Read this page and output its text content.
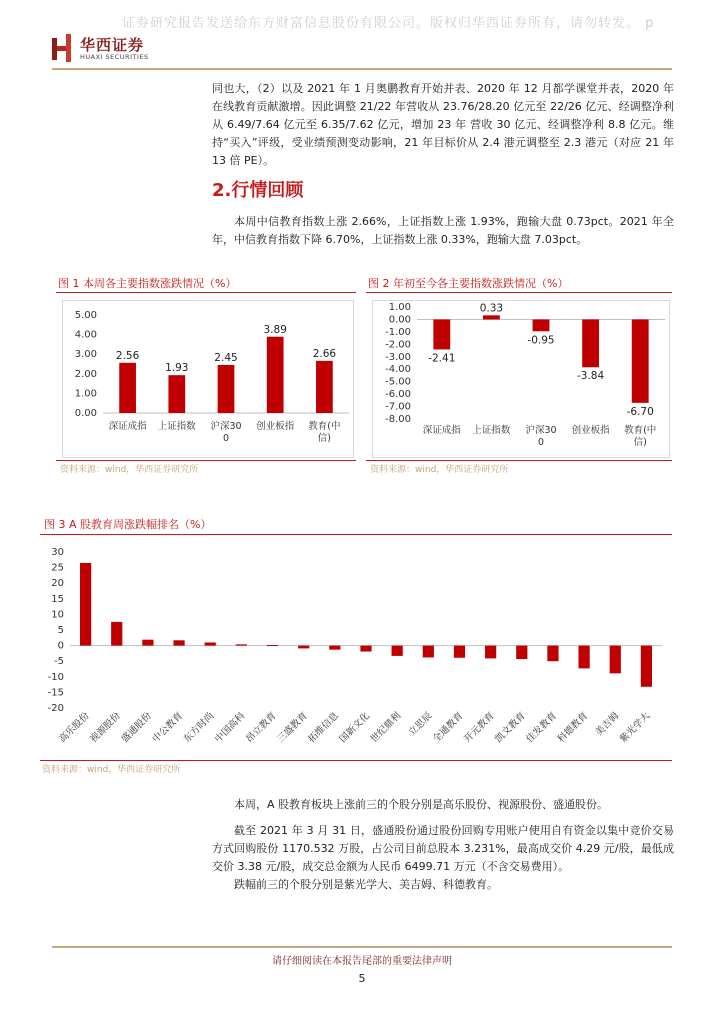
证券研究报告发送给东方财富信息股份有限公司。版权归华西证券所有，请勿转发。 p
华西证券
HUAXI SECURITIES
同也大，（2）以及 2021 年 1 月奥鹏教育开始并表、2020 年 12 月都学课堂并表，2020 年在线教育贡献激增。因此调整 21/22 年营收从 23.76/28.20 亿元至 22/26 亿元、经调整净利从 6.49/7.64 亿元至 6.35/7.62 亿元，增加 23 年 营收 30 亿元、经调整净利 8.8 亿元。维持“买入”评级，受业绩预测变动影响，21 年目标价从 2.4 港元调整至 2.3 港元（对应 21 年 13 倍 PE）。
2.行情回顾
本周中信教育指数上涨 2.66%，上证指数上涨 1.93%，跑输大盘 0.73pct。2021 年全年，中信教育指数下降 6.70%，上证指数上涨 0.33%，跑输大盘 7.03pct。
图 1 本周各主要指数涨跌情况（%）
5.00
4.00
3.00
2.00
1.00
0.00
2.56
深证成指
1.93
上证指数
2.45
沪深30
0
3.89
创业板指
2.66
教育(中
信)
资料来源：wind，华西证券研究所
图 2 年初至今各主要指数涨跌情况（%）
1.00
0.00
-1.00
-2.00
-3.00
-4.00
-5.00
-6.00
-7.00
-8.00
-2.41
深证成指
0.33
上证指数
-0.95
沪深30
0
-3.84
创业板指
-6.70
教育(中
信)
资料来源：wind，华西证券研究所
图 3 A 股教育周涨跌幅排名（%）
30
25
20
15
10
5
0
-5
-10
-15
-20
高乐股份
视源股份
盛通股份
中公教育
东方时尚
中国高科
昂立教育
三盛教育
拓维信息
国新文化
世纪鼎利 立思辰
全通教育
开元教育
凯文教育
佳发教育
科德教育 美吉姆
紫光学大
资料来源：wind，华西证券研究所
本周，A 股教育板块上涨前三的个股分别是高乐股份、视源股份、盛通股份。
截至 2021 年 3 月 31 日，盛通股份通过股份回购专用账户使用自有资金以集中竞价交易方式回购股份 1170.532 万股，占公司目前总股本 3.231%，最高成交价 4.29 元/股，最低成交价 3.38 元/股，成交总金额为人民币 6499.71 万元（不含交易费用）。
跌幅前三的个股分别是紫光学大、美吉姆、科德教育。
请仔细阅读在本报告尾部的重要法律声明
5
